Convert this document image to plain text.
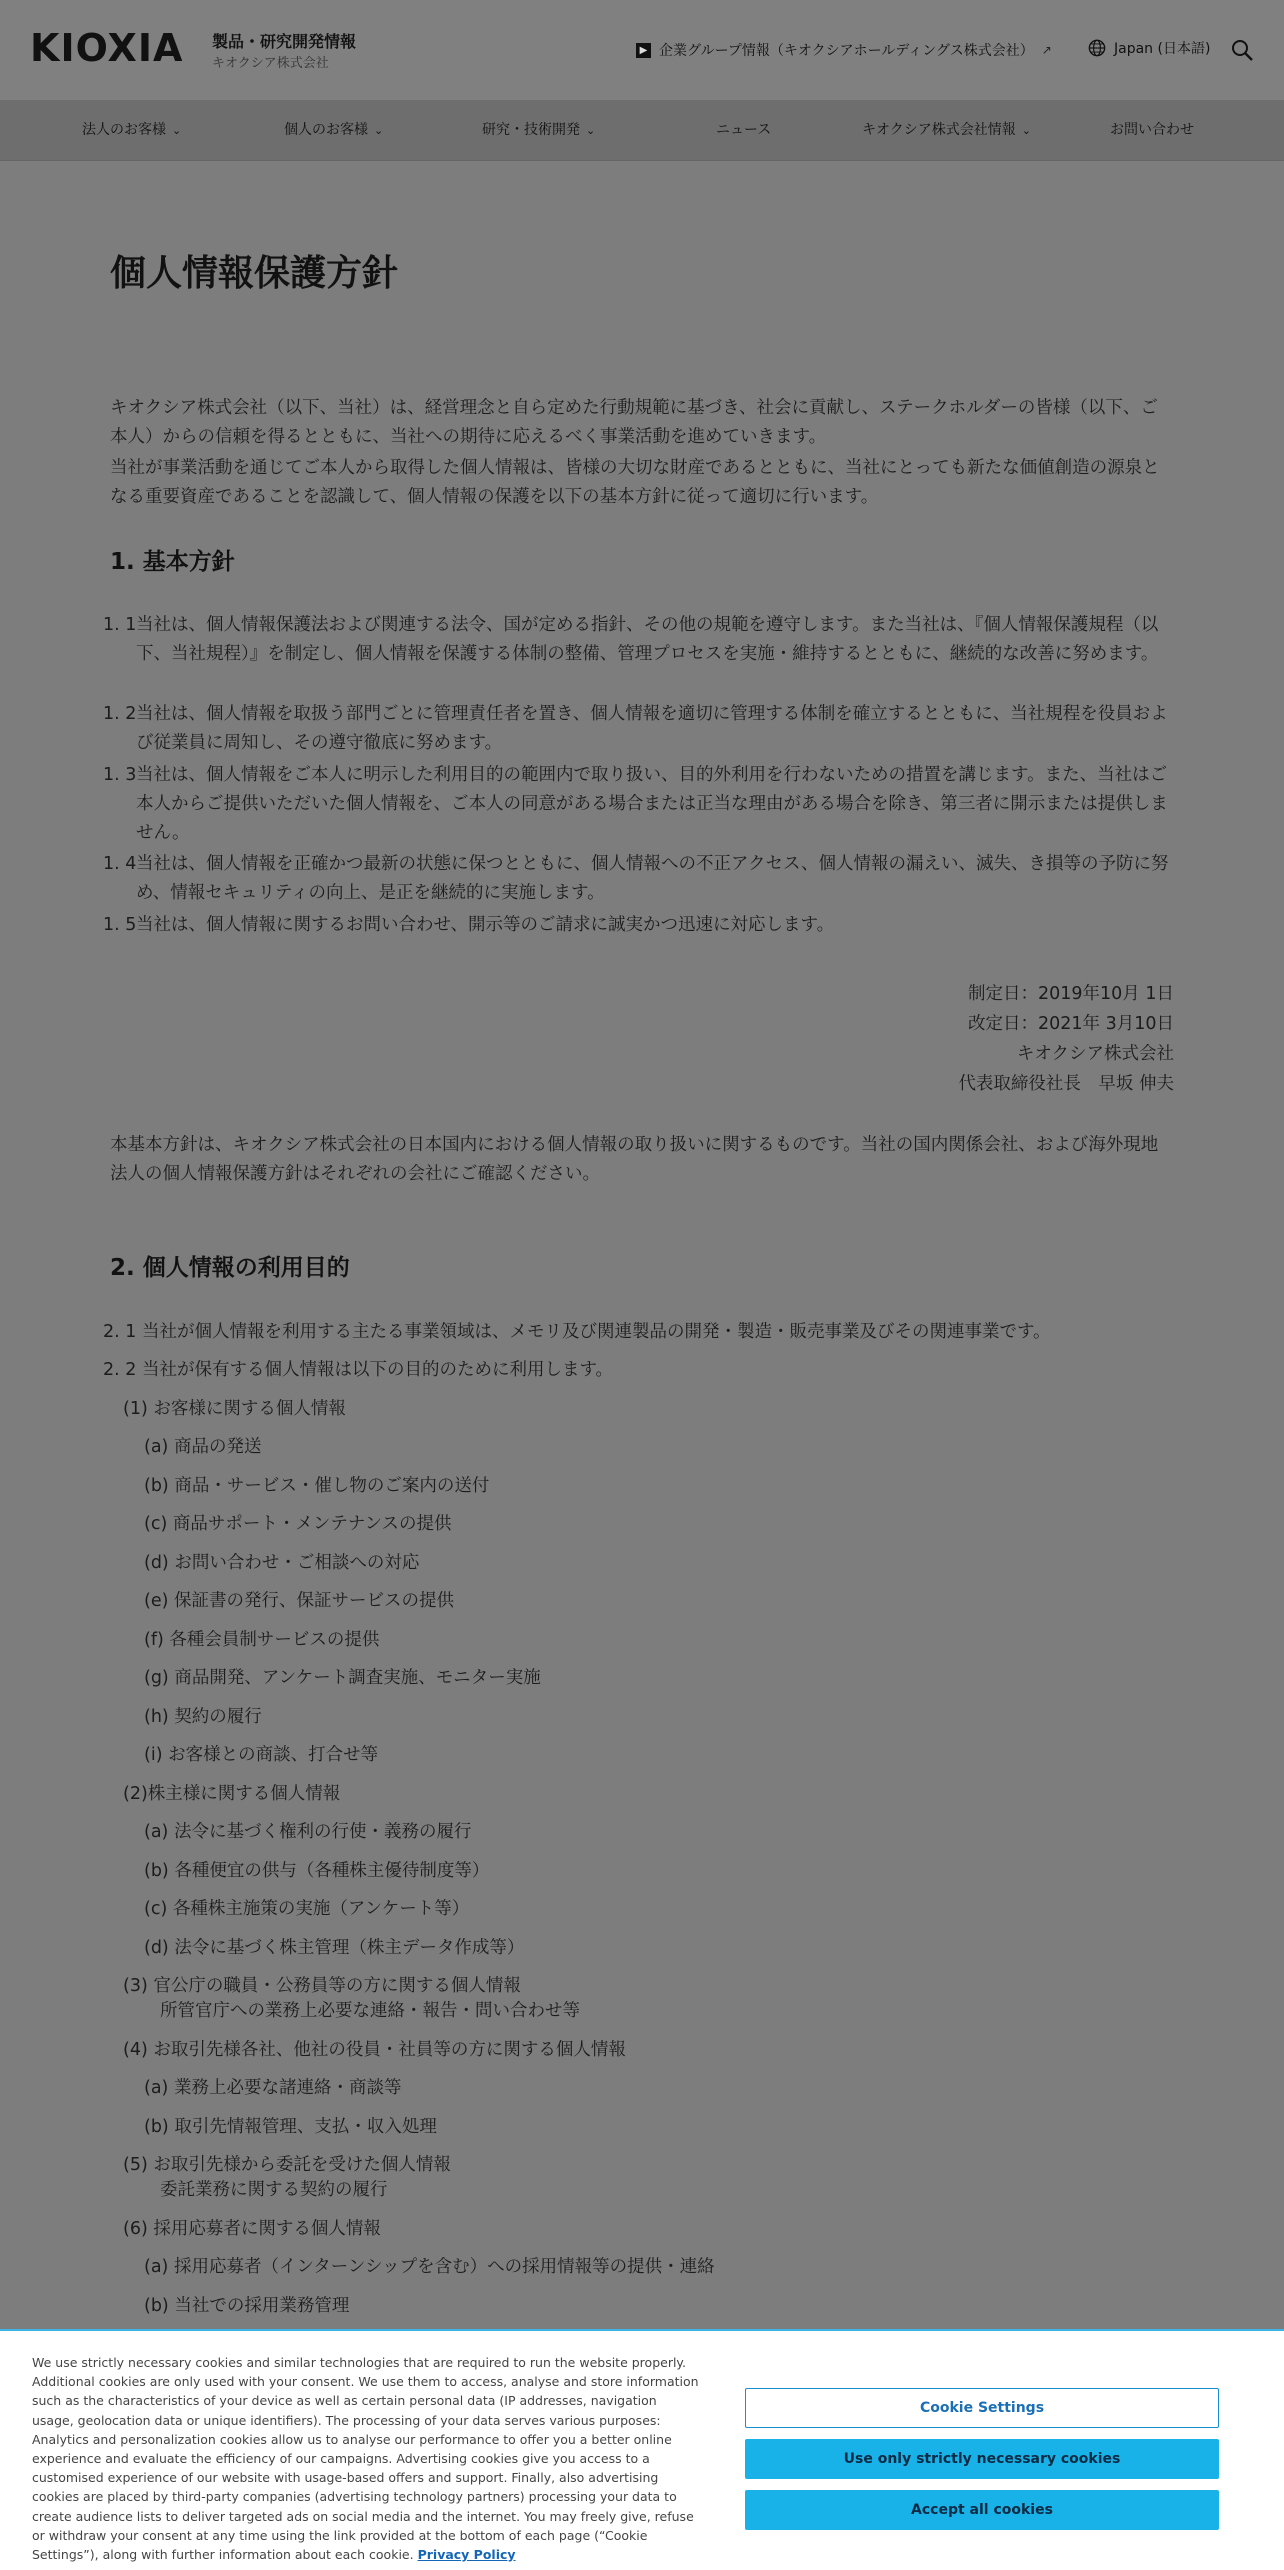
KIOXIA 製品・研究開発情報
キオクシア株式会社
▶ 企業グループ情報（キオクシアホールディングス株式会社） ↗	Japan (日本語)
法人のお客様 ⌄	個人のお客様 ⌄	研究・技術開発 ⌄	ニュース	キオクシア株式会社情報 ⌄	お問い合わせ
個人情報保護方針

キオクシア株式会社（以下、当社）は、経営理念と自ら定めた行動規範に基づき、社会に貢献し、ステークホルダーの皆様（以下、ご本人）からの信頼を得るとともに、当社への期待に応えるべく事業活動を進めていきます。

当社が事業活動を通じてご本人から取得した個人情報は、皆様の大切な財産であるとともに、当社にとっても新たな価値創造の源泉となる重要資産であることを認識して、個人情報の保護を以下の基本方針に従って適切に行います。

1. 基本方針
1. 1 当社は、個人情報保護法および関連する法令、国が定める指針、その他の規範を遵守します。また当社は、『個人情報保護規程（以下、当社規程）』を制定し、個人情報を保護する体制の整備、管理プロセスを実施・維持するとともに、継続的な改善に努めます。
1. 2 当社は、個人情報を取扱う部門ごとに管理責任者を置き、個人情報を適切に管理する体制を確立するとともに、当社規程を役員および従業員に周知し、その遵守徹底に努めます。
1. 3 当社は、個人情報をご本人に明示した利用目的の範囲内で取り扱い、目的外利用を行わないための措置を講じます。また、当社はご本人からご提供いただいた個人情報を、ご本人の同意がある場合または正当な理由がある場合を除き、第三者に開示または提供しません。
1. 4 当社は、個人情報を正確かつ最新の状態に保つとともに、個人情報への不正アクセス、個人情報の漏えい、滅失、き損等の予防に努め、情報セキュリティの向上、是正を継続的に実施します。
1. 5 当社は、個人情報に関するお問い合わせ、開示等のご請求に誠実かつ迅速に対応します。
制定日：2019年10月 1日
改定日：2021年 3月10日
キオクシア株式会社
代表取締役社長　早坂 伸夫

本基本方針は、キオクシア株式会社の日本国内における個人情報の取り扱いに関するものです。当社の国内関係会社、および海外現地法人の個人情報保護方針はそれぞれの会社にご確認ください。

2. 個人情報の利用目的
2. 1 当社が個人情報を利用する主たる事業領域は、メモリ及び関連製品の開発・製造・販売事業及びその関連事業です。
2. 2 当社が保有する個人情報は以下の目的のために利用します。
(1) お客様に関する個人情報
(a) 商品の発送
(b) 商品・サービス・催し物のご案内の送付
(c) 商品サポート・メンテナンスの提供
(d) お問い合わせ・ご相談への対応
(e) 保証書の発行、保証サービスの提供
(f) 各種会員制サービスの提供
(g) 商品開発、アンケート調査実施、モニター実施
(h) 契約の履行
(i) お客様との商談、打合せ等
(2)株主様に関する個人情報
(a) 法令に基づく権利の行使・義務の履行
(b) 各種便宜の供与（各種株主優待制度等）
(c) 各種株主施策の実施（アンケート等）
(d) 法令に基づく株主管理（株主データ作成等）
(3) 官公庁の職員・公務員等の方に関する個人情報
所管官庁への業務上必要な連絡・報告・問い合わせ等
(4) お取引先様各社、他社の役員・社員等の方に関する個人情報
(a) 業務上必要な諸連絡・商談等
(b) 取引先情報管理、支払・収入処理
(5) お取引先様から委託を受けた個人情報
委託業務に関する契約の履行
(6) 採用応募者に関する個人情報
(a) 採用応募者（インターンシップを含む）への採用情報等の提供・連絡
(b) 当社での採用業務管理

We use strictly necessary cookies and similar technologies that are required to run the website properly. Additional cookies are only used with your consent. We use them to access, analyse and store information such as the characteristics of your device as well as certain personal data (IP addresses, navigation usage, geolocation data or unique identifiers). The processing of your data serves various purposes: Analytics and personalization cookies allow us to analyse our performance to offer you a better online experience and evaluate the efficiency of our campaigns. Advertising cookies give you access to a customised experience of our website with usage-based offers and support. Finally, also advertising cookies are placed by third-party companies (advertising technology partners) processing your data to create audience lists to deliver targeted ads on social media and the internet. You may freely give, refuse or withdraw your consent at any time using the link provided at the bottom of each page (“Cookie Settings”), along with further information about each cookie. Privacy Policy

Cookie Settings
Use only strictly necessary cookies
Accept all cookies
